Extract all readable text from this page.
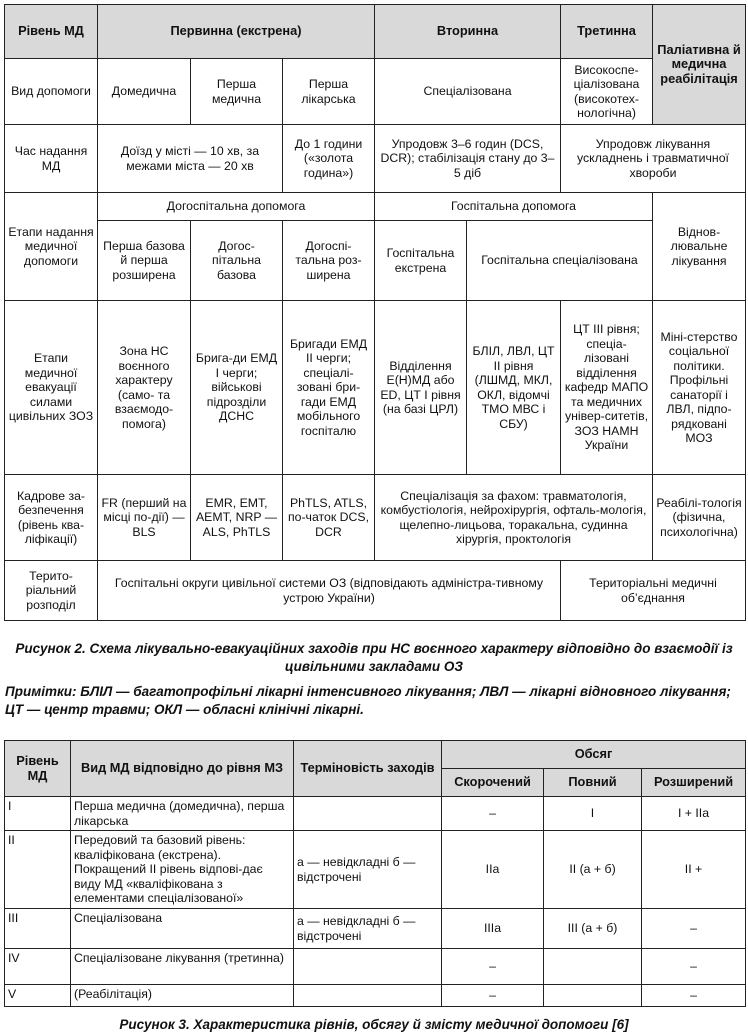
Рівень МД	Первинна (екстрена)			Вторинна		Третинна	Паліативна й медична реабілітація
Вид допомоги	Домедична	Перша медична	Перша лікарська	Спеціалізована		Високоспе-ціалізована (високотех-нологічна)	
Час надання МД	Доїзд у місті — 10 хв, за межами міста — 20 хв		До 1 години («золота година»)	Упродовж 3–6 годин (DCS, DCR); стабілізація стану до 3–5 діб		Упродовж лікування ускладнень і травматичної хвороби	
Етапи надання медичної допомоги	Догоспітальна допомога			Госпітальна допомога			Віднов-лювальне лікування
	Перша базова й перша розширена	Догос-пітальна базова	Догоспі-тальна роз-ширена	Госпітальна екстрена	Госпітальна спеціалізована		
Етапи медичної евакуації силами цивільних ЗОЗ	Зона НС воєнного характеру (само- та взаємодо-помога)	Брига-ди ЕМД І черги; військові підрозділи ДСНС	Бригади ЕМД ІІ черги; спеціалі-зовані бри-гади ЕМД мобільного госпіталю	Відділення Е(Н)МД або ED, ЦТ І рівня (на базі ЦРЛ)	БЛІЛ, ЛВЛ, ЦТ ІІ рівня (ЛШМД, МКЛ, ОКЛ, відомчі ТМО МВС і СБУ)	ЦТ ІІІ рівня; спеціа-лізовані відділення кафедр МАПО та медичних універ-ситетів, ЗОЗ НАМН України	Міні-стерство соціальної політики. Профільні санаторії і ЛВЛ, підпо-рядковані МОЗ
Кадрове за-безпечення (рівень ква-ліфікації)	FR (перший на місці по-дії) — BLS	EMR, EMT, AEMT, NRP — ALS, PhTLS	PhTLS, ATLS, по-чаток DCS, DCR	Спеціалізація за фахом: травматологія, комбустіологія, нейрохірургія, офталь-мологія, щелепно-лицьова, торакальна, судинна хірургія, проктологія			Реабілі-тологія (фізична, психологічна)
Терито-ріальний розподіл	Госпітальні округи цивільної системи ОЗ (відповідають адміністра-тивному устрою України)					Територіальні медичні об’єднання	
Рисунок 2. Схема лікувально-евакуаційних заходів при НС воєнного характеру відповідно до взаємодії із цивільними закладами ОЗ
Примітки: БЛІЛ — багатопрофільні лікарні інтенсивного лікування; ЛВЛ — лікарні відновного лікування; ЦТ — центр травми; ОКЛ — обласні клінічні лікарні.
Рівень МД	Вид МД відповідно до рівня МЗ	Терміновість заходів	Обсяг		
			Скорочений	Повний	Розширений
I	Перша медична (домедична), перша лікарська		–	I	I + IIa
II	Передовий та базовий рівень: кваліфікована (екстрена). Покращений ІІ рівень відпові-дає виду МД «кваліфікована з елементами спеціалізованої»	а — невідкладні б — відстрочені	IIa	II (а + б)	II +
III	Спеціалізована	а — невідкладні б — відстрочені	IIIa	III (а + б)	–
IV	Спеціалізоване лікування (третинна)		–		–
V	(Реабілітація)		–		–
Рисунок 3. Характеристика рівнів, обсягу й змісту медичної допомоги [6]
